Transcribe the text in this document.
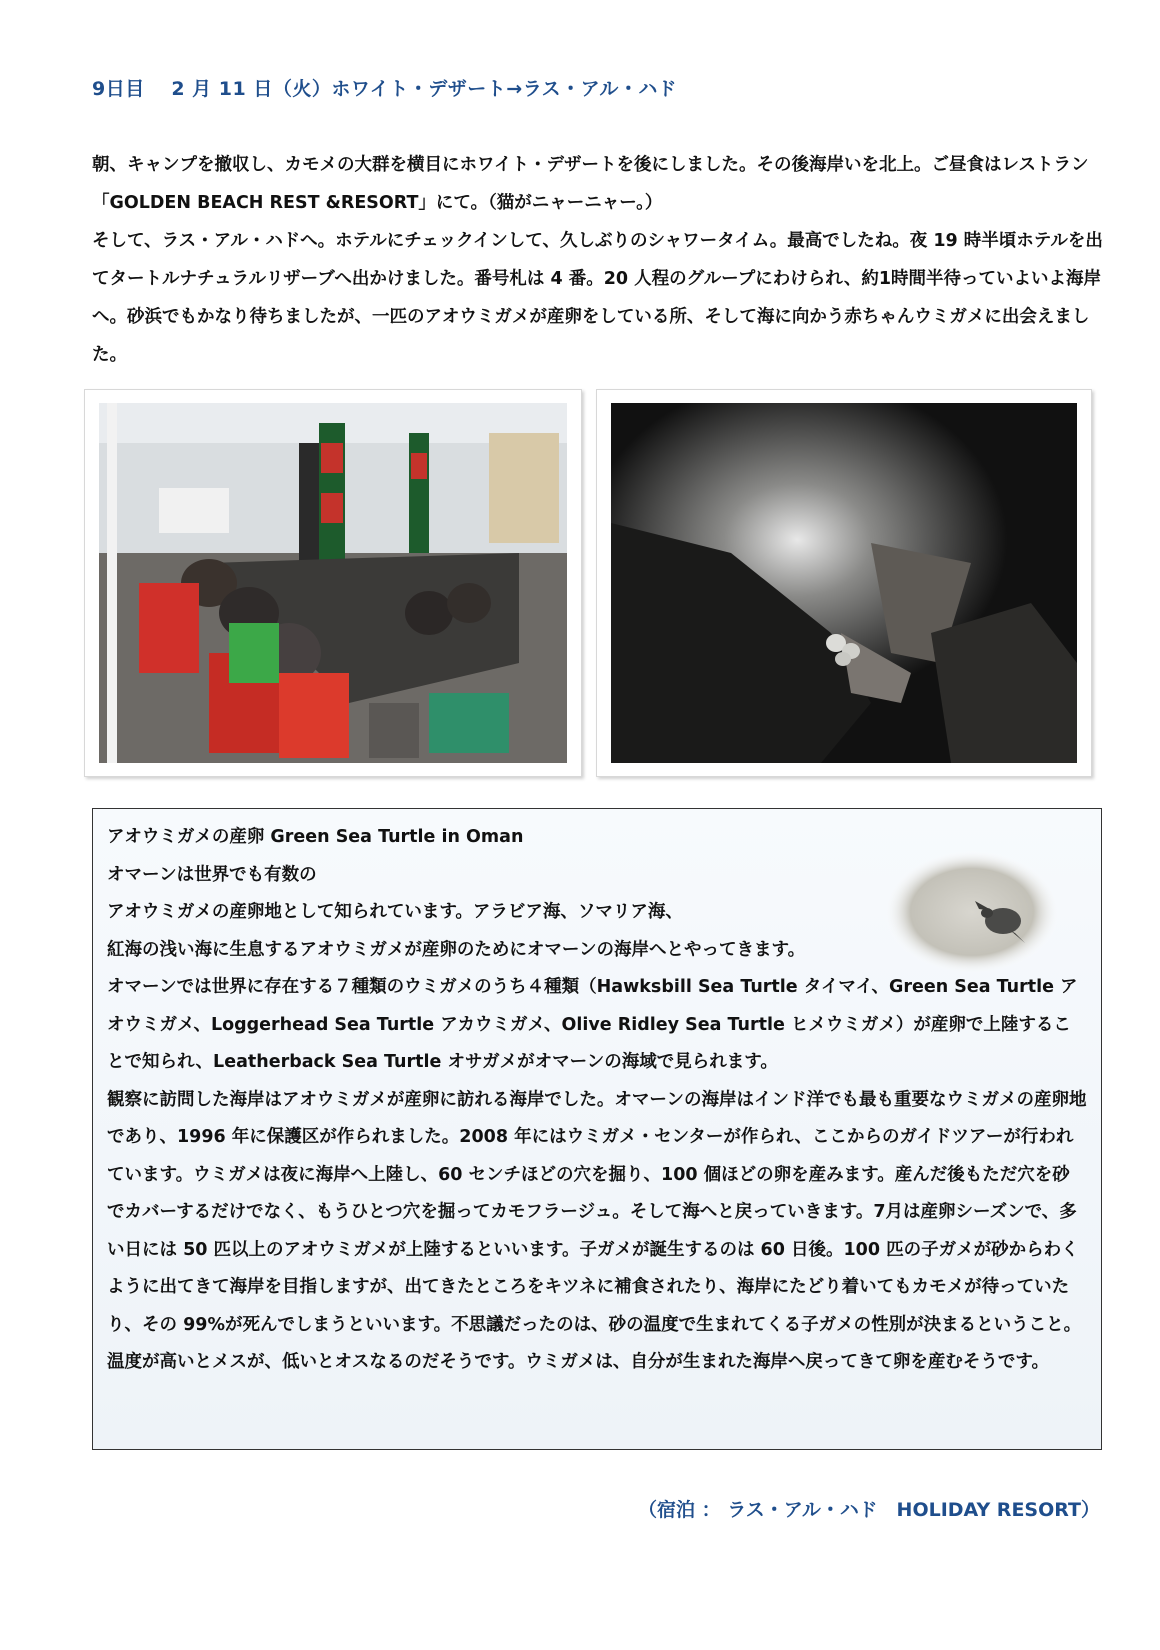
9日目　 2 月 11 日（火）ホワイト・デザート→ラス・アル・ハド

朝、キャンプを撤収し、カモメの大群を横目にホワイト・デザートを後にしました。その後海岸いを北上。ご昼食はレストラン「GOLDEN BEACH REST &RESORT」にて。（猫がニャーニャー。）

そして、ラス・アル・ハドへ。ホテルにチェックインして、久しぶりのシャワータイム。最高でしたね。夜 19 時半頃ホテルを出てタートルナチュラルリザーブへ出かけました。番号札は 4 番。20 人程のグループにわけられ、約1時間半待っていよいよ海岸へ。砂浜でもかなり待ちましたが、一匹のアオウミガメが産卵をしている所、そして海に向かう赤ちゃんウミガメに出会えました。

アオウミガメの産卵 Green Sea Turtle in Oman

オマーンは世界でも有数の

アオウミガメの産卵地として知られています。アラビア海、ソマリア海、

紅海の浅い海に生息するアオウミガメが産卵のためにオマーンの海岸へとやってきます。

オマーンでは世界に存在する７種類のウミガメのうち４種類（Hawksbill Sea Turtle タイマイ、Green Sea Turtle アオウミガメ、Loggerhead Sea Turtle アカウミガメ、Olive Ridley Sea Turtle ヒメウミガメ）が産卵で上陸することで知られ、Leatherback Sea Turtle オサガメがオマーンの海域で見られます。

観察に訪問した海岸はアオウミガメが産卵に訪れる海岸でした。オマーンの海岸はインド洋でも最も重要なウミガメの産卵地であり、1996 年に保護区が作られました。2008 年にはウミガメ・センターが作られ、ここからのガイドツアーが行われています。ウミガメは夜に海岸へ上陸し、60 センチほどの穴を掘り、100 個ほどの卵を産みます。産んだ後もただ穴を砂でカバーするだけでなく、もうひとつ穴を掘ってカモフラージュ。そして海へと戻っていきます。7月は産卵シーズンで、多い日には 50 匹以上のアオウミガメが上陸するといいます。子ガメが誕生するのは 60 日後。100 匹の子ガメが砂からわくように出てきて海岸を目指しますが、出てきたところをキツネに補食されたり、海岸にたどり着いてもカモメが待っていたり、その 99%が死んでしまうといいます。不思議だったのは、砂の温度で生まれてくる子ガメの性別が決まるということ。温度が高いとメスが、低いとオスなるのだそうです。ウミガメは、自分が生まれた海岸へ戻ってきて卵を産むそうです。

（宿泊 ： ラス・アル・ハド　HOLIDAY RESORT）
